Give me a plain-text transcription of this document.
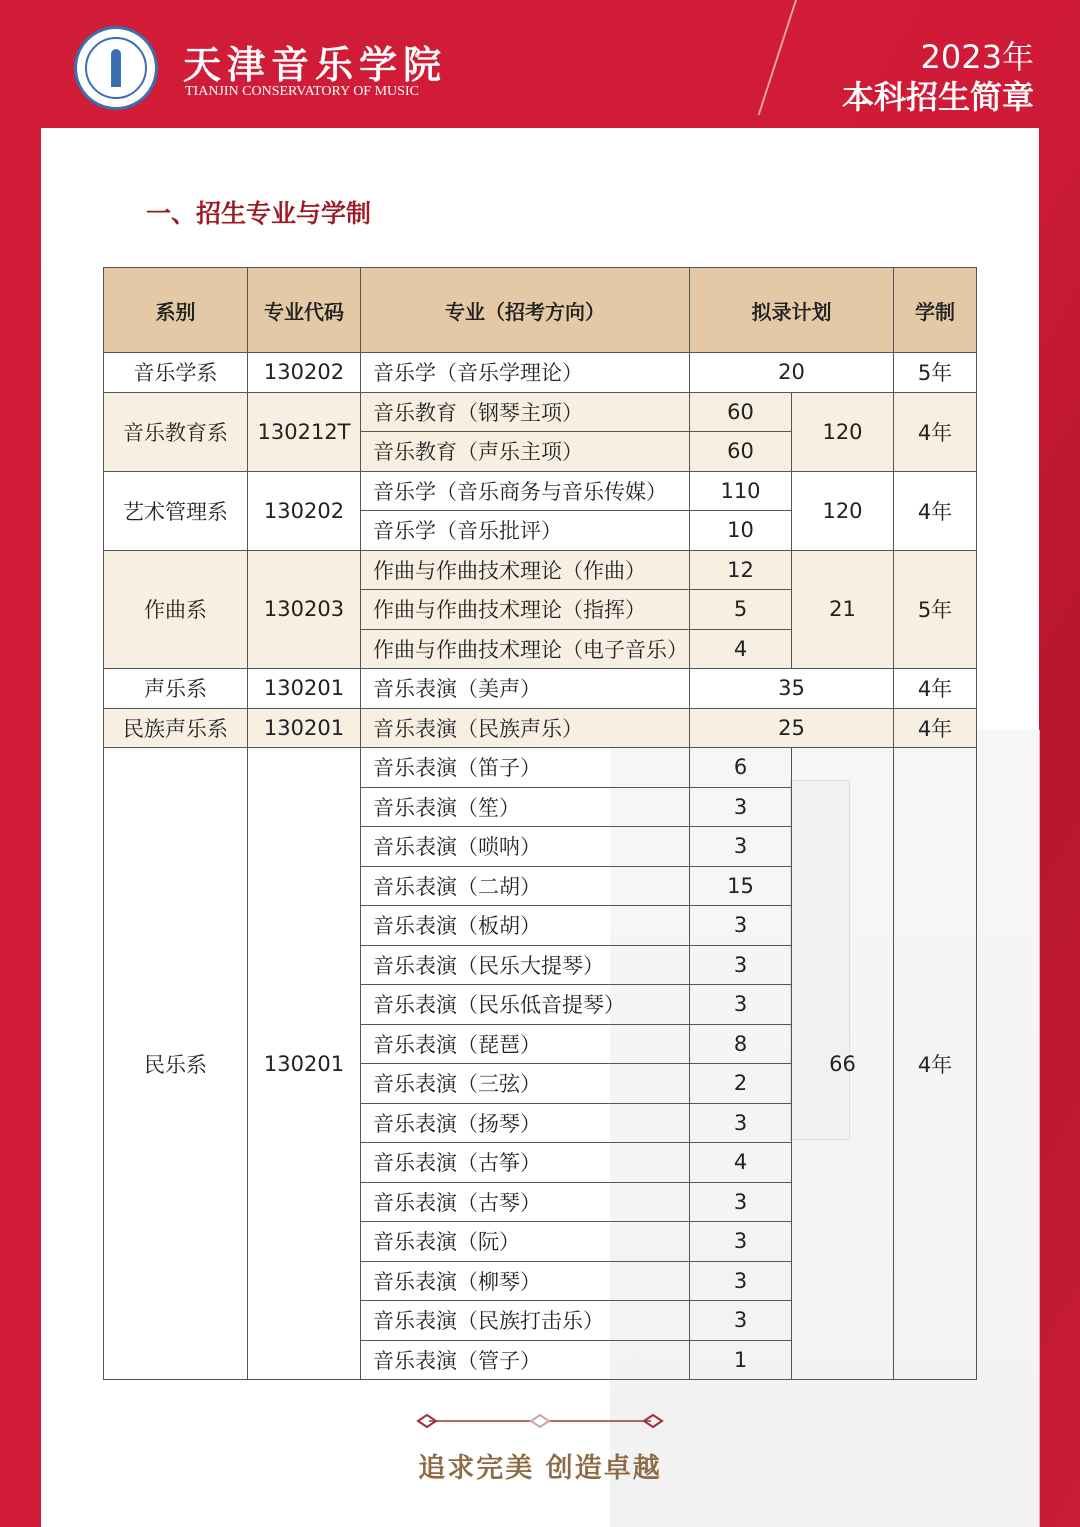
天津音乐学院
TIANJIN CONSERVATORY OF MUSIC
2023年
本科招生简章
一、招生专业与学制
系别	专业代码	专业（招考方向）	拟录计划		学制
音乐学系	130202	音乐学（音乐学理论）	20		5年
音乐教育系	130212T	音乐教育（钢琴主项）	60	120	4年
		音乐教育（声乐主项）	60		
艺术管理系	130202	音乐学（音乐商务与音乐传媒）	110	120	4年
		音乐学（音乐批评）	10		
作曲系	130203	作曲与作曲技术理论（作曲）	12	21	5年
		作曲与作曲技术理论（指挥）	5		
		作曲与作曲技术理论（电子音乐）	4		
声乐系	130201	音乐表演（美声）	35		4年
民族声乐系	130201	音乐表演（民族声乐）	25		4年
民乐系	130201	音乐表演（笛子）	6	66	4年
		音乐表演（笙）	3		
		音乐表演（唢呐）	3		
		音乐表演（二胡）	15		
		音乐表演（板胡）	3		
		音乐表演（民乐大提琴）	3		
		音乐表演（民乐低音提琴）	3		
		音乐表演（琵琶）	8		
		音乐表演（三弦）	2		
		音乐表演（扬琴）	3		
		音乐表演（古筝）	4		
		音乐表演（古琴）	3		
		音乐表演（阮）	3		
		音乐表演（柳琴）	3		
		音乐表演（民族打击乐）	3		
		音乐表演（管子）	1		
追求完美 创造卓越
